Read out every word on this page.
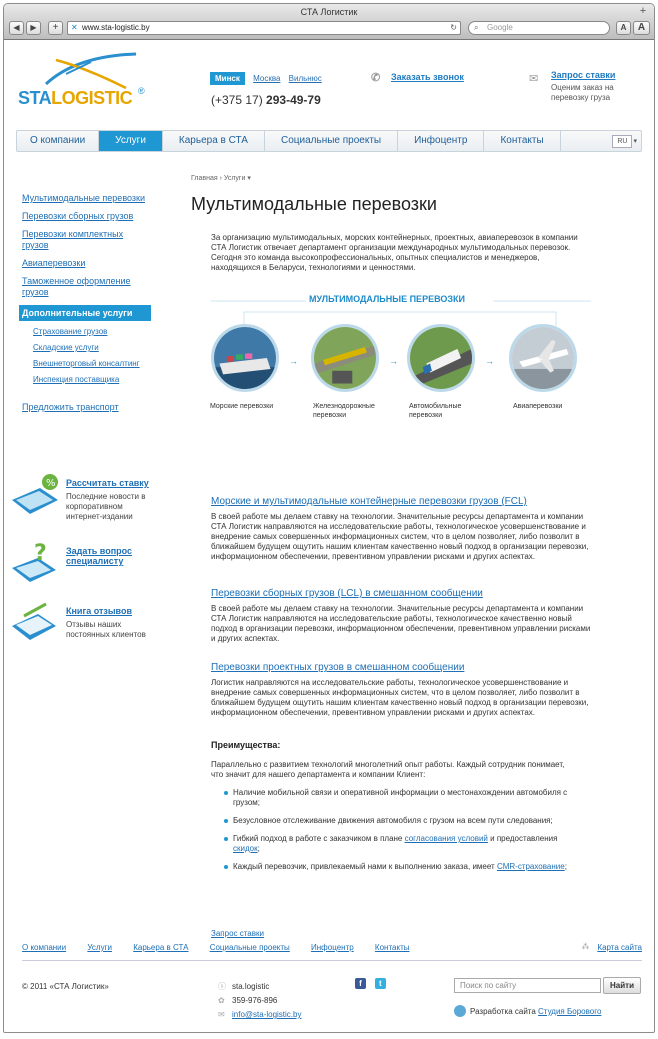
СТА Логистик
◀	▶	+	✕ www.sta-logistic.by	↻ ⌕ Google	A	A
+
STALOGISTIC ®
Минск Москва Вильнюс
(+375 17) 293-49-79
✆ Заказать звонок	✉ Запрос ставки
Оценим заказ на перевозку груза
О компании	Услуги	Карьера в СТА	Социальные проекты	Инфоцентр	Контакты	RU ▾
Мультимодальные перевозки
Перевозки сборных грузов
Перевозки комплектных грузов
Авиаперевозки
Таможенное оформление грузов
Дополнительные услуги
Страхование грузов
Складские услуги
Внешнеторговый консалтинг
Инспекция поставщика
Предложить транспорт
% Рассчитать ставку
Последние новости в корпоративном интернет-издании
? Задать вопрос специалисту
Книга отзывов
Отзывы наших постоянных клиентов
Главная › Услуги ▾
Мультимодальные перевозки
За организацию мультимодальных, морских контейнерных, проектных, авиаперевозок в компании СТА Логистик отвечает департамент организации международных мультимодальных перевозок. Сегодня это команда высокопрофессиональных, опытных специалистов и менеджеров, находящихся в Беларуси, технологиями и ценностями.
МУЛЬТИМОДАЛЬНЫЕ ПЕРЕВОЗКИ
→	→	→
Морские перевозки	Железнодорожные перевозки
Автомобильные перевозки
Авиаперевозки
Морские и мультимодальные контейнерные перевозки грузов (FCL)
В своей работе мы делаем ставку на технологии. Значительные ресурсы департамента и компании СТА Логистик направляются на исследовательские работы, технологическое усовершенствование и внедрение самых совершенных информационных систем, что в целом позволяет, либо позволит в ближайшем будущем ощутить нашим клиентам качественно новый подход в организации перевозки, информационном обеспечении, превентивном управлении рисками и других аспектах.
Перевозки сборных грузов (LCL) в смешанном сообщении
В своей работе мы делаем ставку на технологии. Значительные ресурсы департамента и компании СТА Логистик направляются на исследовательские работы, технологическое качественно новый подход в организации перевозки, информационном обеспечении, превентивном управлении рисками и других аспектах.
Перевозки проектных грузов в смешанном сообщении
Логистик направляются на исследовательские работы, технологическое усовершенствование и внедрение самых совершенных информационных систем, что в целом позволяет, либо позволит в ближайшем будущем ощутить нашим клиентам качественно новый подход в организации перевозки, информационном обеспечении, превентивном управлении рисками и других аспектах.
Преимущества:
Параллельно с развитием технологий многолетний опыт работы. Каждый сотрудник понимает, что значит для нашего департамента и компании Клиент:
Наличие мобильной связи и оперативной информации о местонахождении автомобиля с грузом;
Безусловное отслеживание движения автомобиля с грузом на всем пути следования;
Гибкий подход в работе с заказчиком в плане согласования условий и предоставления скидок;
Каждый перевозчик, привлекаемый нами к выполнению заказа, имеет CMR-страхование;
Запрос ставки
О компании	Услуги	Карьера в СТА	Социальные проекты	Инфоцентр	Контакты	⁂ Карта сайта
© 2011 «СТА Логистик»	ⓢ sta.logistic
✿ 359-976-896
✉ info@sta-logistic.by
f t	Поиск по сайту	Найти
Разработка сайта Студия Борового
